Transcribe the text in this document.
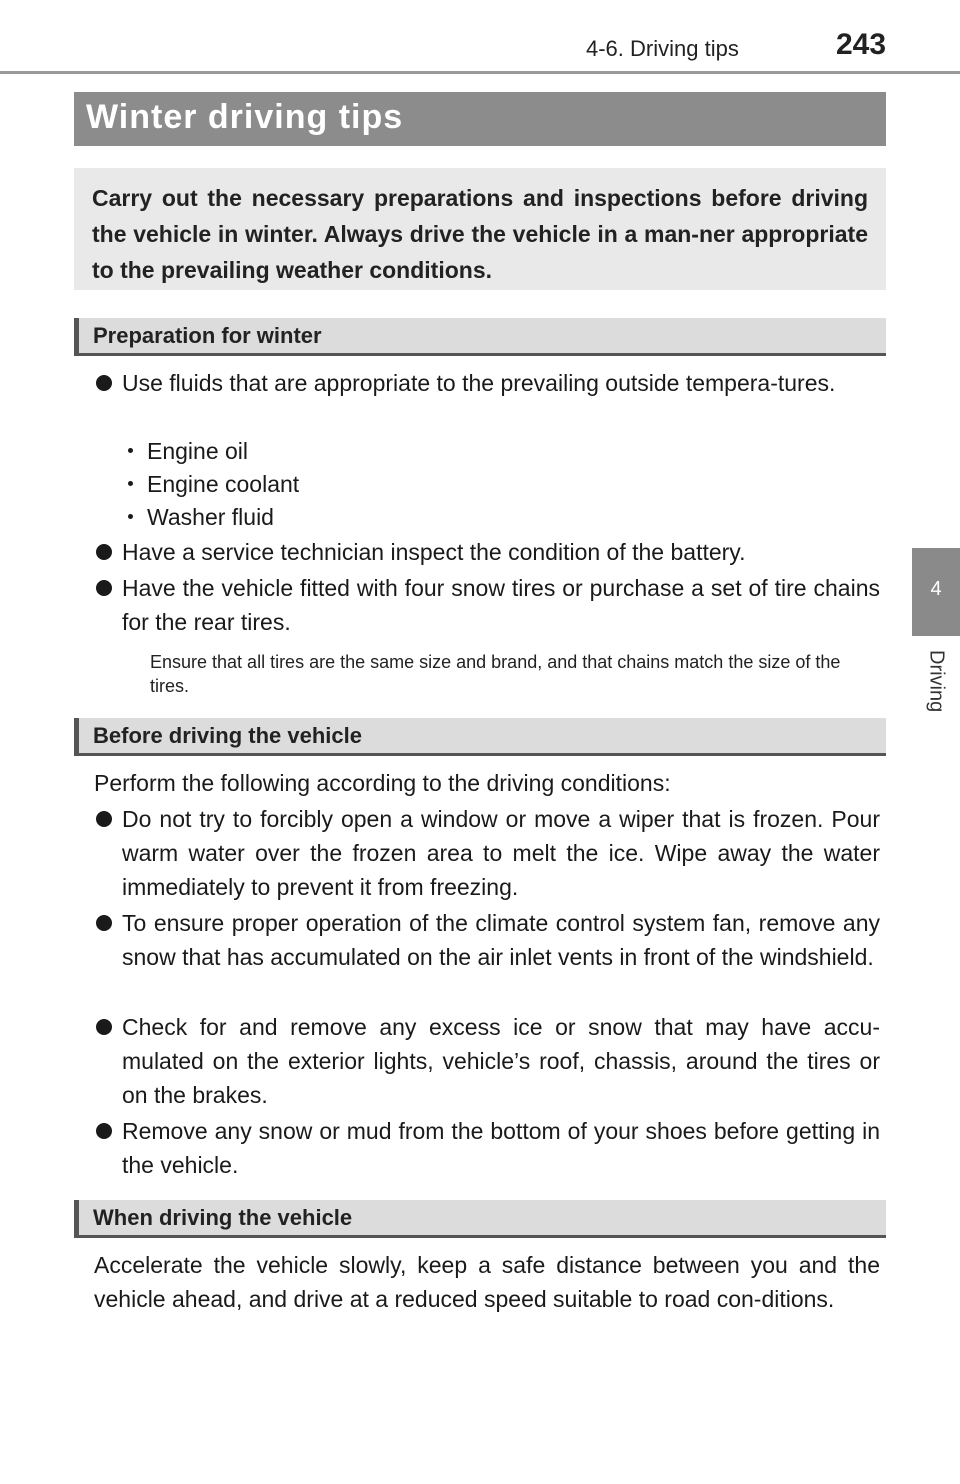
4-6. Driving tips	243
4
Driving
Winter driving tips

Carry out the necessary preparations and inspections before driving the vehicle in winter. Always drive the vehicle in a man-ner appropriate to the prevailing weather conditions.

Preparation for winter
Use fluids that are appropriate to the prevailing outside tempera-tures.
Engine oil
Engine coolant
Washer fluid
Have a service technician inspect the condition of the battery.
Have the vehicle fitted with four snow tires or purchase a set of tire chains for the rear tires.
Ensure that all tires are the same size and brand, and that chains match the size of the tires.
Before driving the vehicle
Perform the following according to the driving conditions:
Do not try to forcibly open a window or move a wiper that is frozen. Pour warm water over the frozen area to melt the ice. Wipe away the water immediately to prevent it from freezing.
To ensure proper operation of the climate control system fan, remove any snow that has accumulated on the air inlet vents in front of the windshield.
Check for and remove any excess ice or snow that may have accu-mulated on the exterior lights, vehicle’s roof, chassis, around the tires or on the brakes.
Remove any snow or mud from the bottom of your shoes before getting in the vehicle.
When driving the vehicle
Accelerate the vehicle slowly, keep a safe distance between you and the vehicle ahead, and drive at a reduced speed suitable to road con-ditions.
